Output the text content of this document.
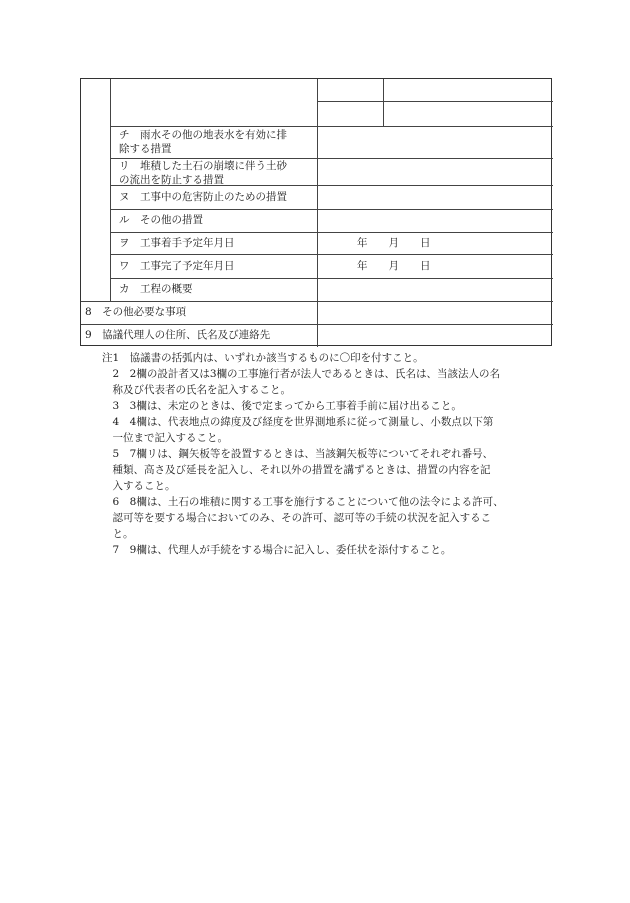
チ　雨水その他の地表水を有効に排
除する措置
リ　堆積した土石の崩壊に伴う土砂
の流出を防止する措置
ヌ　工事中の危害防止のための措置
ル　その他の措置
ヲ　工事着手予定年月日
ワ　工事完了予定年月日
カ　工程の概要
年　　月　　日
年　　月　　日
8　その他必要な事項
9　協議代理人の住所、氏名及び連絡先
注1　協議書の括弧内は、いずれか該当するものに〇印を付すこと。
　2　2欄の設計者又は3欄の工事施行者が法人であるときは、氏名は、当該法人の名
　称及び代表者の氏名を記入すること。
　3　3欄は、未定のときは、後で定まってから工事着手前に届け出ること。
　4　4欄は、代表地点の緯度及び経度を世界測地系に従って測量し、小数点以下第
　一位まで記入すること。
　5　7欄リは、鋼矢板等を設置するときは、当該鋼矢板等についてそれぞれ番号、
　種類、高さ及び延長を記入し、それ以外の措置を講ずるときは、措置の内容を記
　入すること。
　6　8欄は、土石の堆積に関する工事を施行することについて他の法令による許可、
　認可等を要する場合においてのみ、その許可、認可等の手続の状況を記入するこ
　と。
　7　9欄は、代理人が手続をする場合に記入し、委任状を添付すること。
